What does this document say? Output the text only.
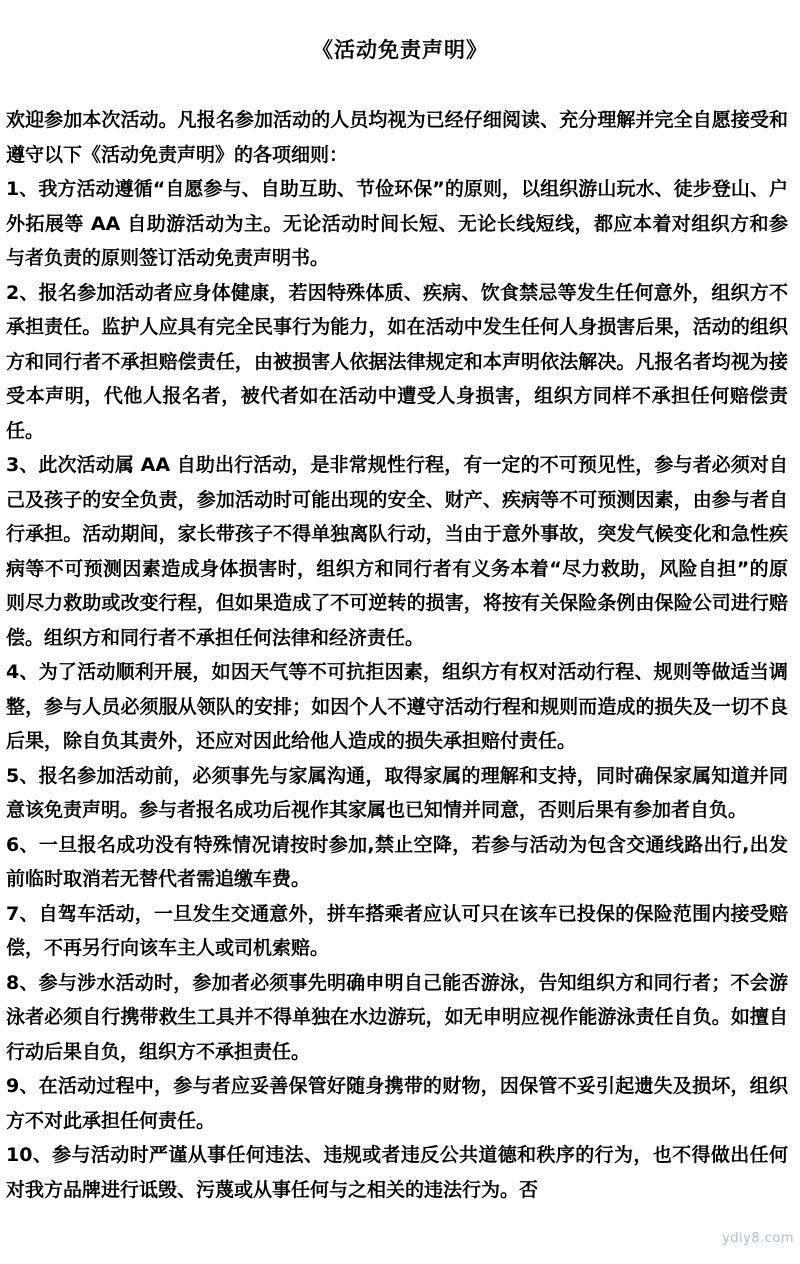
《活动免责声明》

欢迎参加本次活动。凡报名参加活动的人员均视为已经仔细阅读、充分理解并完全自愿接受和遵守以下《活动免责声明》的各项细则：

1、我方活动遵循“自愿参与、自助互助、节俭环保”的原则，以组织游山玩水、徒步登山、户外拓展等 AA 自助游活动为主。无论活动时间长短、无论长线短线，都应本着对组织方和参与者负责的原则签订活动免责声明书。

2、报名参加活动者应身体健康，若因特殊体质、疾病、饮食禁忌等发生任何意外，组织方不承担责任。监护人应具有完全民事行为能力，如在活动中发生任何人身损害后果，活动的组织方和同行者不承担赔偿责任，由被损害人依据法律规定和本声明依法解决。凡报名者均视为接受本声明，代他人报名者，被代者如在活动中遭受人身损害，组织方同样不承担任何赔偿责任。

3、此次活动属 AA 自助出行活动，是非常规性行程，有一定的不可预见性，参与者必须对自己及孩子的安全负责，参加活动时可能出现的安全、财产、疾病等不可预测因素，由参与者自行承担。活动期间，家长带孩子不得单独离队行动，当由于意外事故，突发气候变化和急性疾病等不可预测因素造成身体损害时，组织方和同行者有义务本着“尽力救助，风险自担”的原则尽力救助或改变行程，但如果造成了不可逆转的损害，将按有关保险条例由保险公司进行赔偿。组织方和同行者不承担任何法律和经济责任。

4、为了活动顺利开展，如因天气等不可抗拒因素，组织方有权对活动行程、规则等做适当调整，参与人员必须服从领队的安排；如因个人不遵守活动行程和规则而造成的损失及一切不良后果，除自负其责外，还应对因此给他人造成的损失承担赔付责任。

5、报名参加活动前，必须事先与家属沟通，取得家属的理解和支持，同时确保家属知道并同意该免责声明。参与者报名成功后视作其家属也已知情并同意，否则后果有参加者自负。

6、一旦报名成功没有特殊情况请按时参加,禁止空降，若参与活动为包含交通线路出行,出发前临时取消若无替代者需追缴车费。

7、自驾车活动，一旦发生交通意外，拼车搭乘者应认可只在该车已投保的保险范围内接受赔偿，不再另行向该车主人或司机索赔。

8、参与涉水活动时，参加者必须事先明确申明自己能否游泳，告知组织方和同行者；不会游泳者必须自行携带救生工具并不得单独在水边游玩，如无申明应视作能游泳责任自负。如擅自行动后果自负，组织方不承担责任。

9、在活动过程中，参与者应妥善保管好随身携带的财物，因保管不妥引起遗失及损坏，组织方不对此承担任何责任。

10、参与活动时严谨从事任何违法、违规或者违反公共道德和秩序的行为，也不得做出任何对我方品牌进行诋毁、污蔑或从事任何与之相关的违法行为。否

ydiy8.com
